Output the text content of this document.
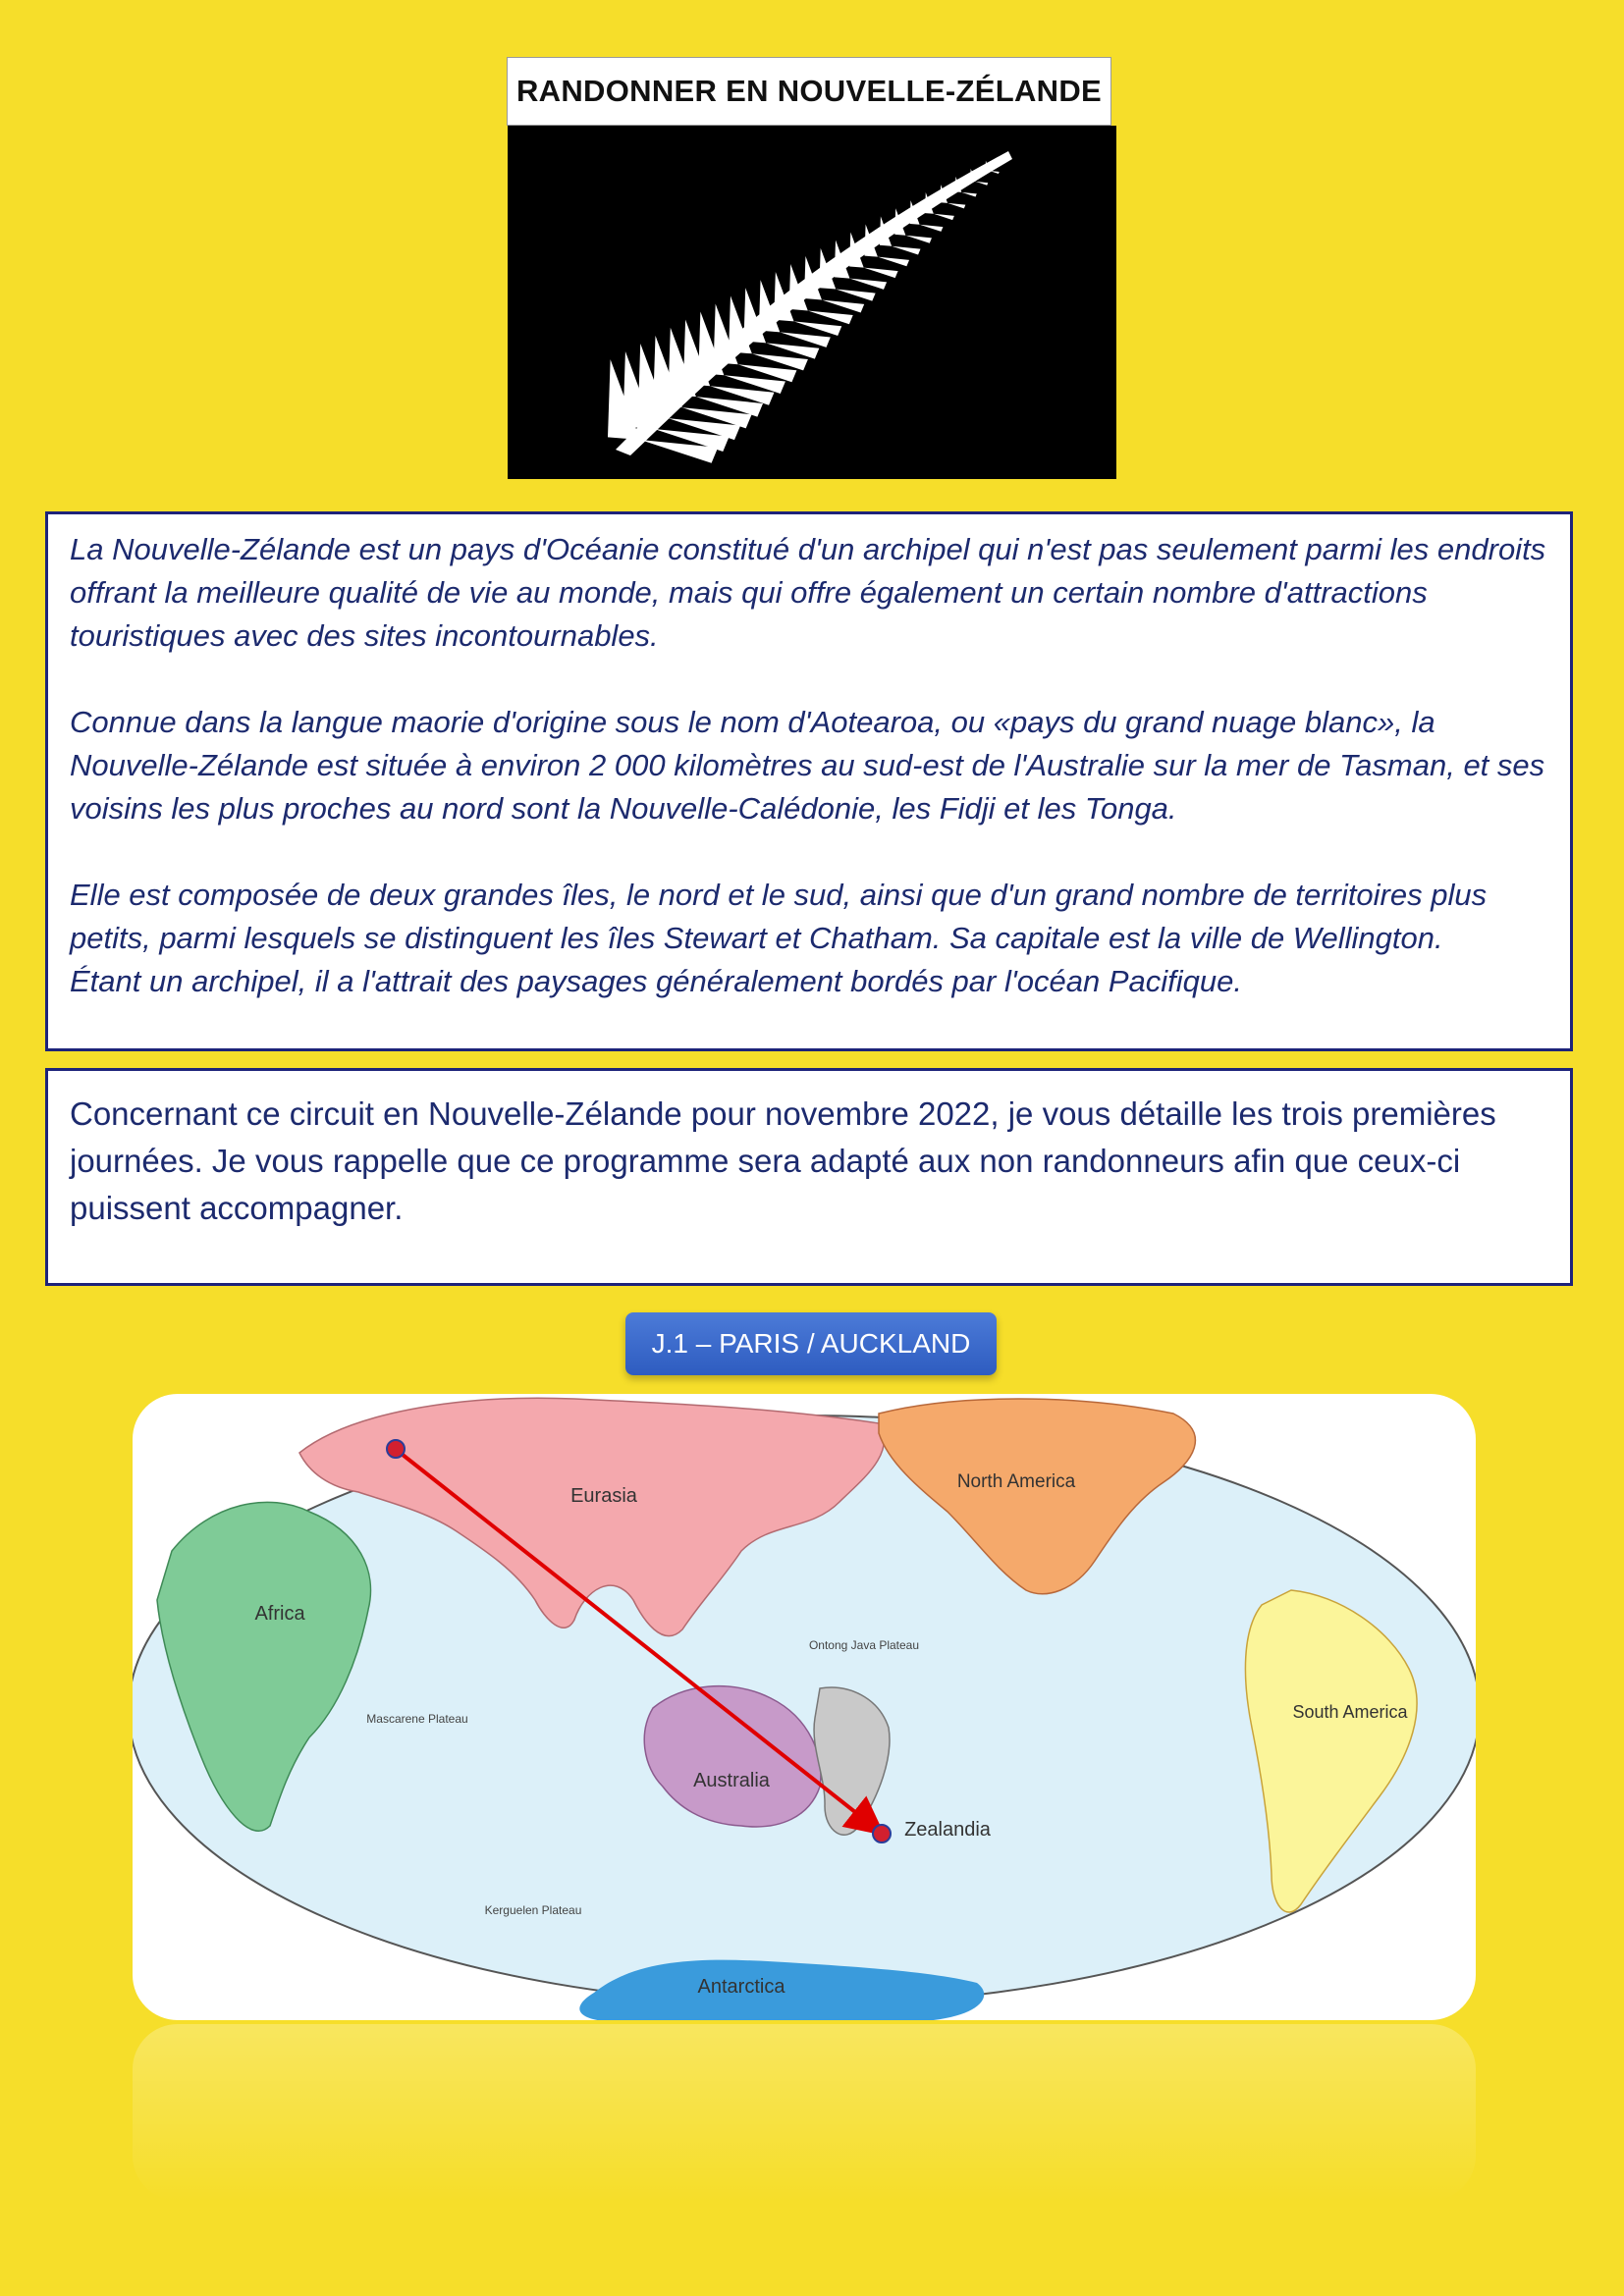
RANDONNER EN NOUVELLE-ZÉLANDE

La Nouvelle-Zélande est un pays d'Océanie constitué d'un archipel qui n'est pas seulement parmi les endroits offrant la meilleure qualité de vie au monde, mais qui offre également un certain nombre d'attractions touristiques avec des sites incontournables.

Connue dans la langue maorie d'origine sous le nom d'Aotearoa, ou «pays du grand nuage blanc», la Nouvelle-Zélande est située à environ 2 000 kilomètres au sud-est de l'Australie sur la mer de Tasman, et ses voisins les plus proches au nord sont la Nouvelle-Calédonie, les Fidji et les Tonga.

Elle est composée de deux grandes îles, le nord et le sud, ainsi que d'un grand nombre de territoires plus petits, parmi lesquels se distinguent les îles Stewart et Chatham. Sa capitale est la ville de Wellington.

Étant un archipel, il a l'attrait des paysages généralement bordés par l'océan Pacifique.

Concernant ce circuit en Nouvelle-Zélande pour novembre 2022, je vous détaille les trois premières journées. Je vous rappelle que ce programme sera adapté aux non randonneurs afin que ceux-ci puissent accompagner.
J.1 – PARIS / AUCKLAND
Eurasia
North America
Africa
Ontong Java Plateau
Mascarene Plateau	South America
Australia
Zealandia
Kerguelen Plateau
Antarctica
